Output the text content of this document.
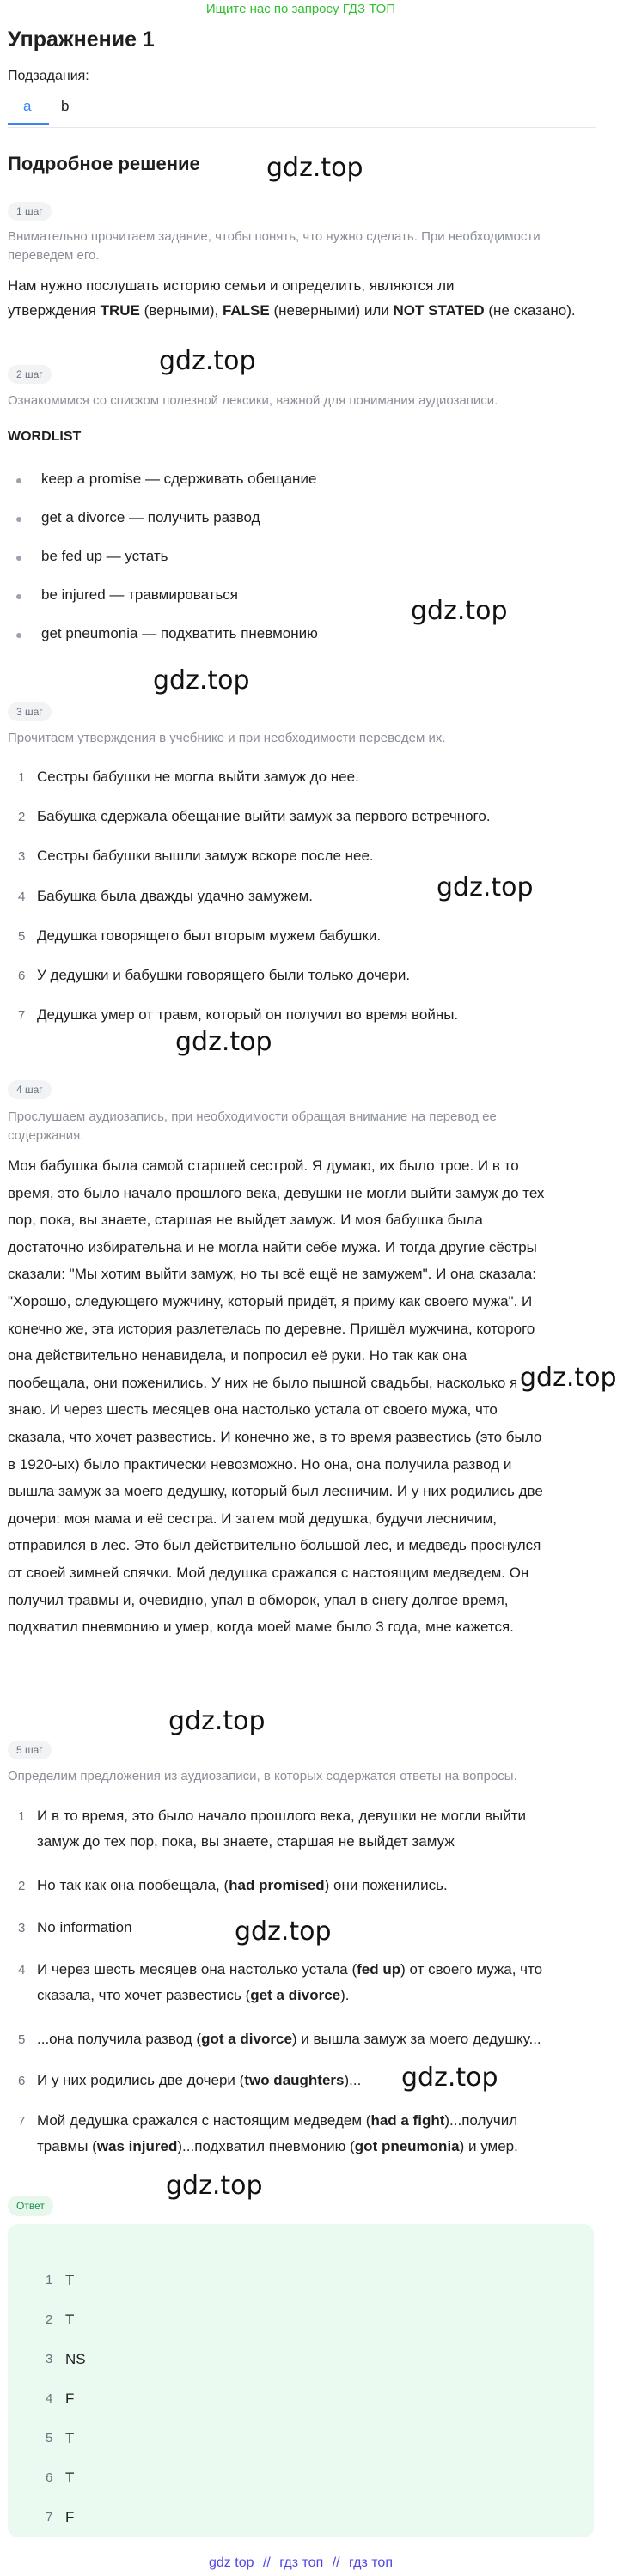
Ищите нас по запросу ГДЗ ТОП
Упражнение 1
Подзадания:
a b
Подробное решение	gdz.top
gdz.top
gdz.top
gdz.top
gdz.top
gdz.top
gdz.top
gdz.top
gdz.top
gdz.top
gdz.top
1 шаг
Внимательно прочитаем задание, чтобы понять, что нужно сделать. При необходимости переведем его.
Нам нужно послушать историю семьи и определить, являются ли
утверждения TRUE (верными), FALSE (неверными) или NOT STATED (не сказано).
2 шаг
Ознакомимся со списком полезной лексики, важной для понимания аудиозаписи.
WORDLIST
keep a promise — сдерживать обещание
get a divorce — получить развод
be fed up — устать
be injured — травмироваться
get pneumonia — подхватить пневмонию
3 шаг
Прочитаем утверждения в учебнике и при необходимости переведем их.
1 Сестры бабушки не могла выйти замуж до нее.
2 Бабушка сдержала обещание выйти замуж за первого встречного.
3 Сестры бабушки вышли замуж вскоре после нее.
4 Бабушка была дважды удачно замужем.
5 Дедушка говорящего был вторым мужем бабушки.
6 У дедушки и бабушки говорящего были только дочери.
7 Дедушка умер от травм, который он получил во время войны.
4 шаг
Прослушаем аудиозапись, при необходимости обращая внимание на перевод ее
содержания.
Моя бабушка была самой старшей сестрой. Я думаю, их было трое. И в то
время, это было начало прошлого века, девушки не могли выйти замуж до тех
пор, пока, вы знаете, старшая не выйдет замуж. И моя бабушка была
достаточно избирательна и не могла найти себе мужа. И тогда другие сёстры
сказали: "Мы хотим выйти замуж, но ты всё ещё не замужем". И она сказала:
"Хорошо, следующего мужчину, который придёт, я приму как своего мужа". И
конечно же, эта история разлетелась по деревне. Пришёл мужчина, которого
она действительно ненавидела, и попросил её руки. Но так как она
пообещала, они поженились. У них не было пышной свадьбы, насколько я
знаю. И через шесть месяцев она настолько устала от своего мужа, что
сказала, что хочет развестись. И конечно же, в то время развестись (это было
в 1920-ых) было практически невозможно. Но она, она получила развод и
вышла замуж за моего дедушку, который был лесничим. И у них родились две
дочери: моя мама и её сестра. И затем мой дедушка, будучи лесничим,
отправился в лес. Это был действительно большой лес, и медведь проснулся
от своей зимней спячки. Мой дедушка сражался с настоящим медведем. Он
получил травмы и, очевидно, упал в обморок, упал в снегу долгое время,
подхватил пневмонию и умер, когда моей маме было 3 года, мне кажется.
5 шаг
Определим предложения из аудиозаписи, в которых содержатся ответы на вопросы.
1 И в то время, это было начало прошлого века, девушки не могли выйти
замуж до тех пор, пока, вы знаете, старшая не выйдет замуж
2 Но так как она пообещала, (had promised) они поженились.
3 No information
4 И через шесть месяцев она настолько устала (fed up) от своего мужа, что
сказала, что хочет развестись (get a divorce).
5 ...она получила развод (got a divorce) и вышла замуж за моего дедушку...
6 И у них родились две дочери (two daughters)...
7 Мой дедушка сражался с настоящим медведем (had a fight)...получил
травмы (was injured)...подхватил пневмонию (got pneumonia) и умер.
Ответ
1 T
2 T
3 NS
4 F
5 T
6 T
7 F
gdz top // гдз топ // гдз топ
